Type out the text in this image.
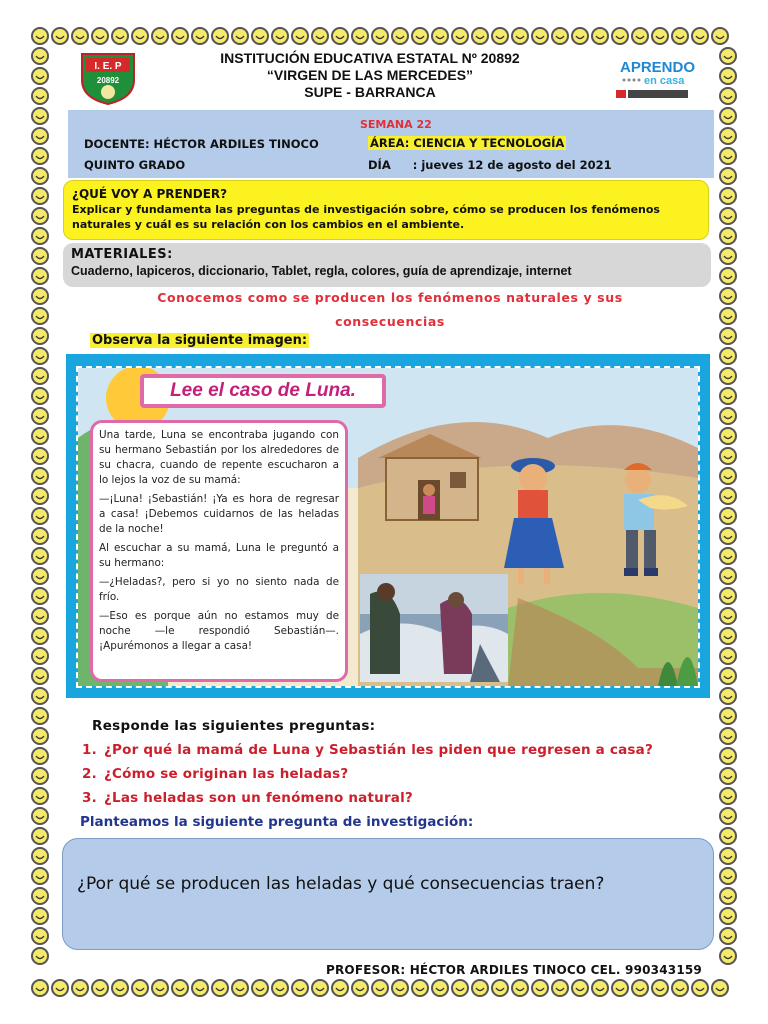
I. E. P
20892
INSTITUCIÓN EDUCATIVA ESTATAL Nº 20892
“VIRGEN DE LAS MERCEDES”
SUPE - BARRANCA
APRENDO
en casa
SEMANA 22
DOCENTE: HÉCTOR ARDILES TINOCO
QUINTO GRADO
ÁREA: CIENCIA Y TECNOLOGÍA
DÍA : jueves 12 de agosto del 2021
¿QUÉ VOY A PRENDER?
Explicar y fundamenta las preguntas de investigación sobre, cómo se producen los fenómenos naturales y cuál es su relación con los cambios en el ambiente.
MATERIALES:
Cuaderno, lapiceros, diccionario, Tablet, regla, colores, guía de aprendizaje, internet
Conocemos como se producen los fenómenos naturales y sus consecuencias
Observa la siguiente imagen:
Lee el caso de Luna.

Una tarde, Luna se encontraba jugando con su hermano Sebastián por los alrededores de su chacra, cuando de repente escucharon a lo lejos la voz de su mamá:

—¡Luna! ¡Sebastián! ¡Ya es hora de regresar a casa! ¡Debemos cuidarnos de las heladas de la noche!

Al escuchar a su mamá, Luna le preguntó a su hermano:

—¿Heladas?, pero si yo no siento nada de frío.

—Eso es porque aún no estamos muy de noche —le respondió Sebastián—. ¡Apurémonos a llegar a casa!

Responde las siguientes preguntas:
1. ¿Por qué la mamá de Luna y Sebastián les piden que regresen a casa?
2. ¿Cómo se originan las heladas?
3. ¿Las heladas son un fenómeno natural?
Planteamos la siguiente pregunta de investigación:
¿Por qué se producen las heladas y qué consecuencias traen?
PROFESOR: HÉCTOR ARDILES TINOCO CEL. 990343159
